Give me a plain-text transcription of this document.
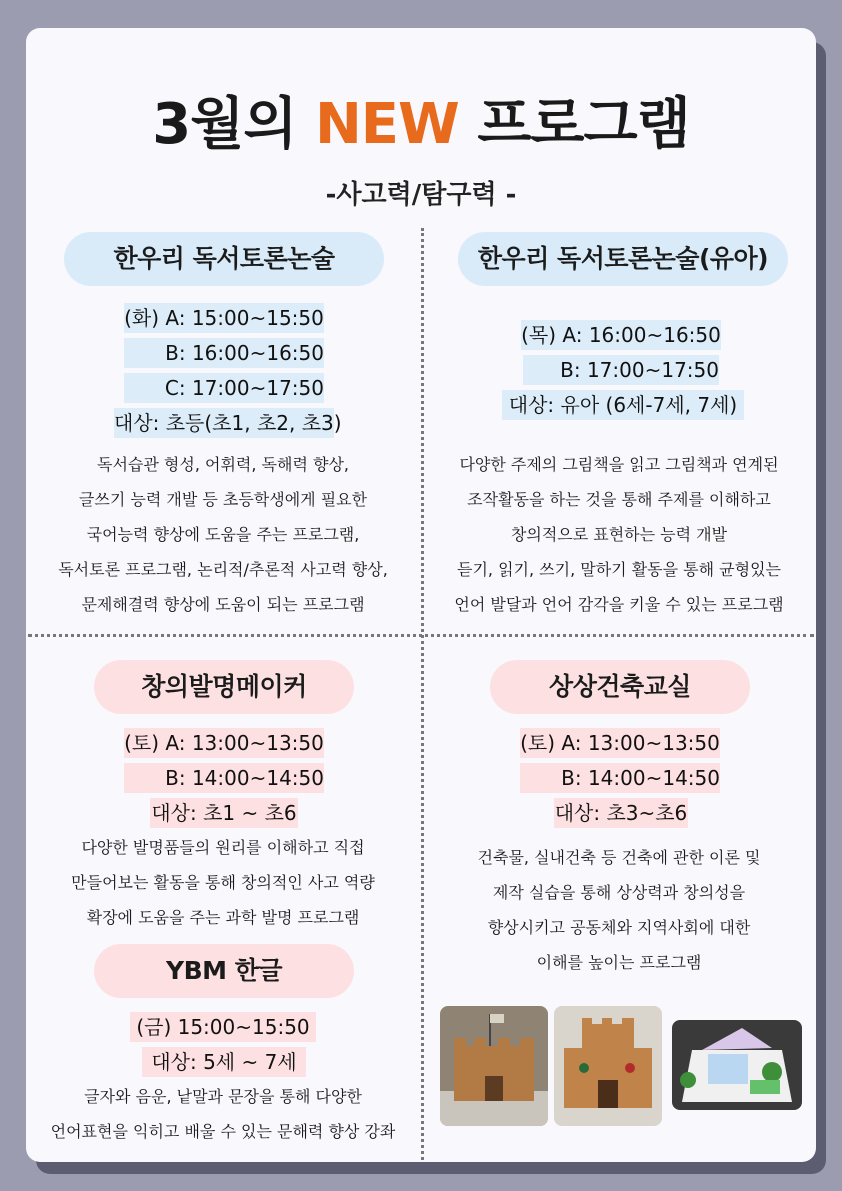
3월의 NEW 프로그램
-사고력/탐구력 -
한우리 독서토론논술
(화) A: 15:00~15:50
B: 16:00~16:50
C: 17:00~17:50
대상: 초등(초1, 초2, 초3)
독서습관 형성, 어휘력, 독해력 향상,
글쓰기 능력 개발 등 초등학생에게 필요한
국어능력 향상에 도움을 주는 프로그램,
독서토론 프로그램, 논리적/추론적 사고력 향상,
문제해결력 향상에 도움이 되는 프로그램
한우리 독서토론논술(유아)
(목) A: 16:00~16:50
B: 17:00~17:50
대상: 유아 (6세-7세, 7세)
다양한 주제의 그림책을 읽고 그림책과 연계된
조작활동을 하는 것을 통해 주제를 이해하고
창의적으로 표현하는 능력 개발
듣기, 읽기, 쓰기, 말하기 활동을 통해 균형있는
언어 발달과 언어 감각을 키울 수 있는 프로그램
창의발명메이커
(토) A: 13:00~13:50
B: 14:00~14:50
대상: 초1 ~ 초6
다양한 발명품들의 원리를 이해하고 직접
만들어보는 활동을 통해 창의적인 사고 역량
확장에 도움을 주는 과학 발명 프로그램
상상건축교실
(토) A: 13:00~13:50
B: 14:00~14:50
대상: 초3~초6
건축물, 실내건축 등 건축에 관한 이론 및
제작 실습을 통해 상상력과 창의성을
향상시키고 공동체와 지역사회에 대한
이해를 높이는 프로그램
YBM 한글
(금) 15:00~15:50
대상: 5세 ~ 7세
글자와 음운, 낱말과 문장을 통해 다양한
언어표현을 익히고 배울 수 있는 문해력 향상 강좌
